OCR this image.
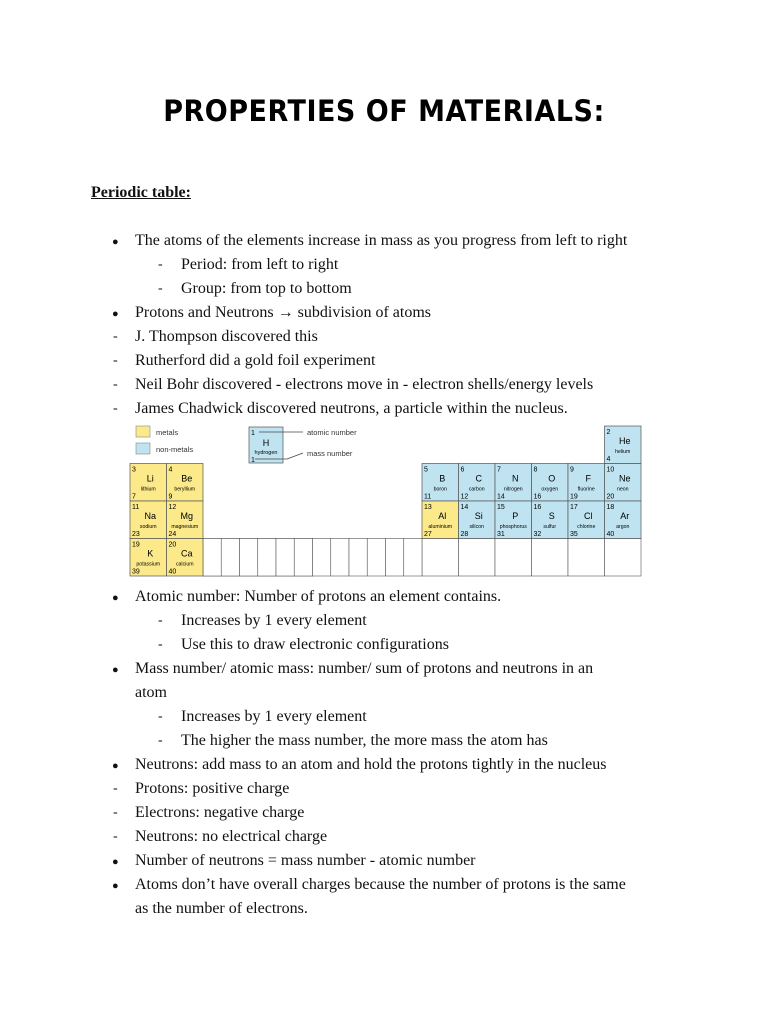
PROPERTIES OF MATERIALS:
Periodic table:
● The atoms of the elements increase in mass as you progress from left to right
- Period: from left to right
- Group: from top to bottom
● Protons and Neutrons → subdivision of atoms
- J. Thompson discovered this
- Rutherford did a gold foil experiment
- Neil Bohr discovered - electrons move in - electron shells/energy levels
- James Chadwick discovered neutrons, a particle within the nucleus.
metals
non-metals
1
H
hydrogen
1
atomic number
mass number
2
He
helium
4
3
Li
lithium
7
4
Be
beryllium
9
5
B
boron
11
6
C
carbon
12
7
N
nitrogen
14
8
O
oxygen
16
9
F
fluorine
19
10
Ne
neon
20
11
Na
sodium
23
12
Mg
magnesium
24
13
Al
aluminium
27
14
Si
silicon
28
15
P
phosphorus
31
16
S
sulfur
32
17
Cl
chlorine
35
18
Ar
argon
40
19
K
potassium
39
20
Ca
calcium
40
● Atomic number: Number of protons an element contains.
- Increases by 1 every element
- Use this to draw electronic configurations
● Mass number/ atomic mass: number/ sum of protons and neutrons in an
atom
- Increases by 1 every element
- The higher the mass number, the more mass the atom has
● Neutrons: add mass to an atom and hold the protons tightly in the nucleus
- Protons: positive charge
- Electrons: negative charge
- Neutrons: no electrical charge
● Number of neutrons = mass number - atomic number
● Atoms don’t have overall charges because the number of protons is the same
as the number of electrons.
